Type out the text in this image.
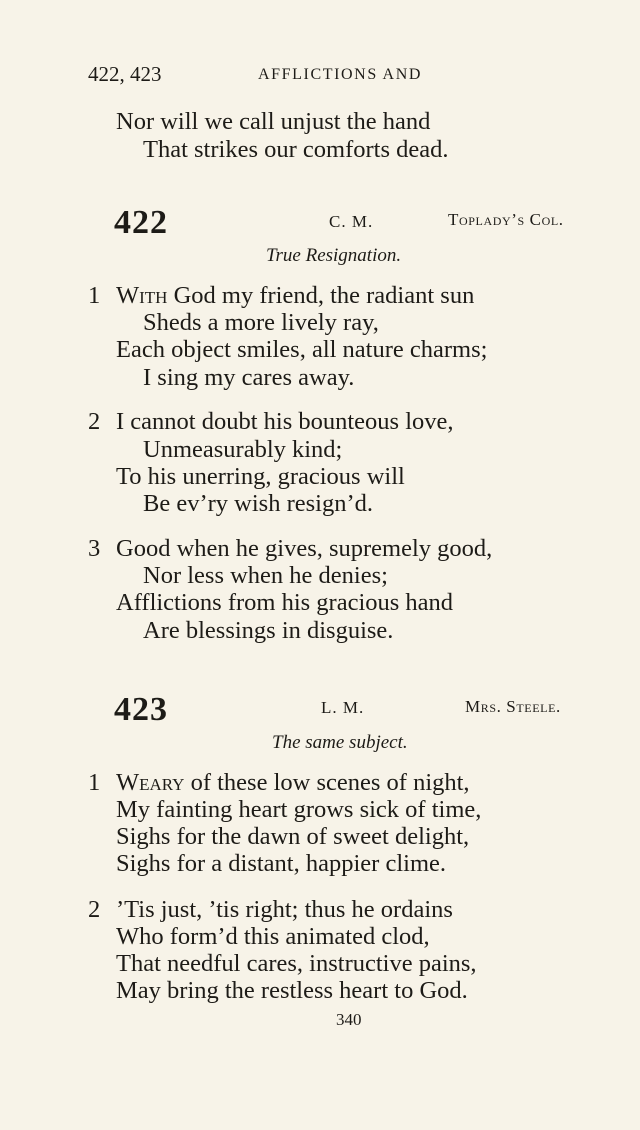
422, 423	AFFLICTIONS AND
Nor will we call unjust the hand
That strikes our comforts dead.
422	C. M.	Toplady’s Col.
True Resignation.
1 With God my friend, the radiant sun
Sheds a more lively ray,
Each object smiles, all nature charms;
I sing my cares away.
2 I cannot doubt his bounteous love,
Unmeasurably kind;
To his unerring, gracious will
Be ev’ry wish resign’d.
3 Good when he gives, supremely good,
Nor less when he denies;
Afflictions from his gracious hand
Are blessings in disguise.
423	L. M.	Mrs. Steele.
The same subject.
1 Weary of these low scenes of night,
My fainting heart grows sick of time,
Sighs for the dawn of sweet delight,
Sighs for a distant, happier clime.
2 ’Tis just, ’tis right; thus he ordains
Who form’d this animated clod,
That needful cares, instructive pains,
May bring the restless heart to God.
340
